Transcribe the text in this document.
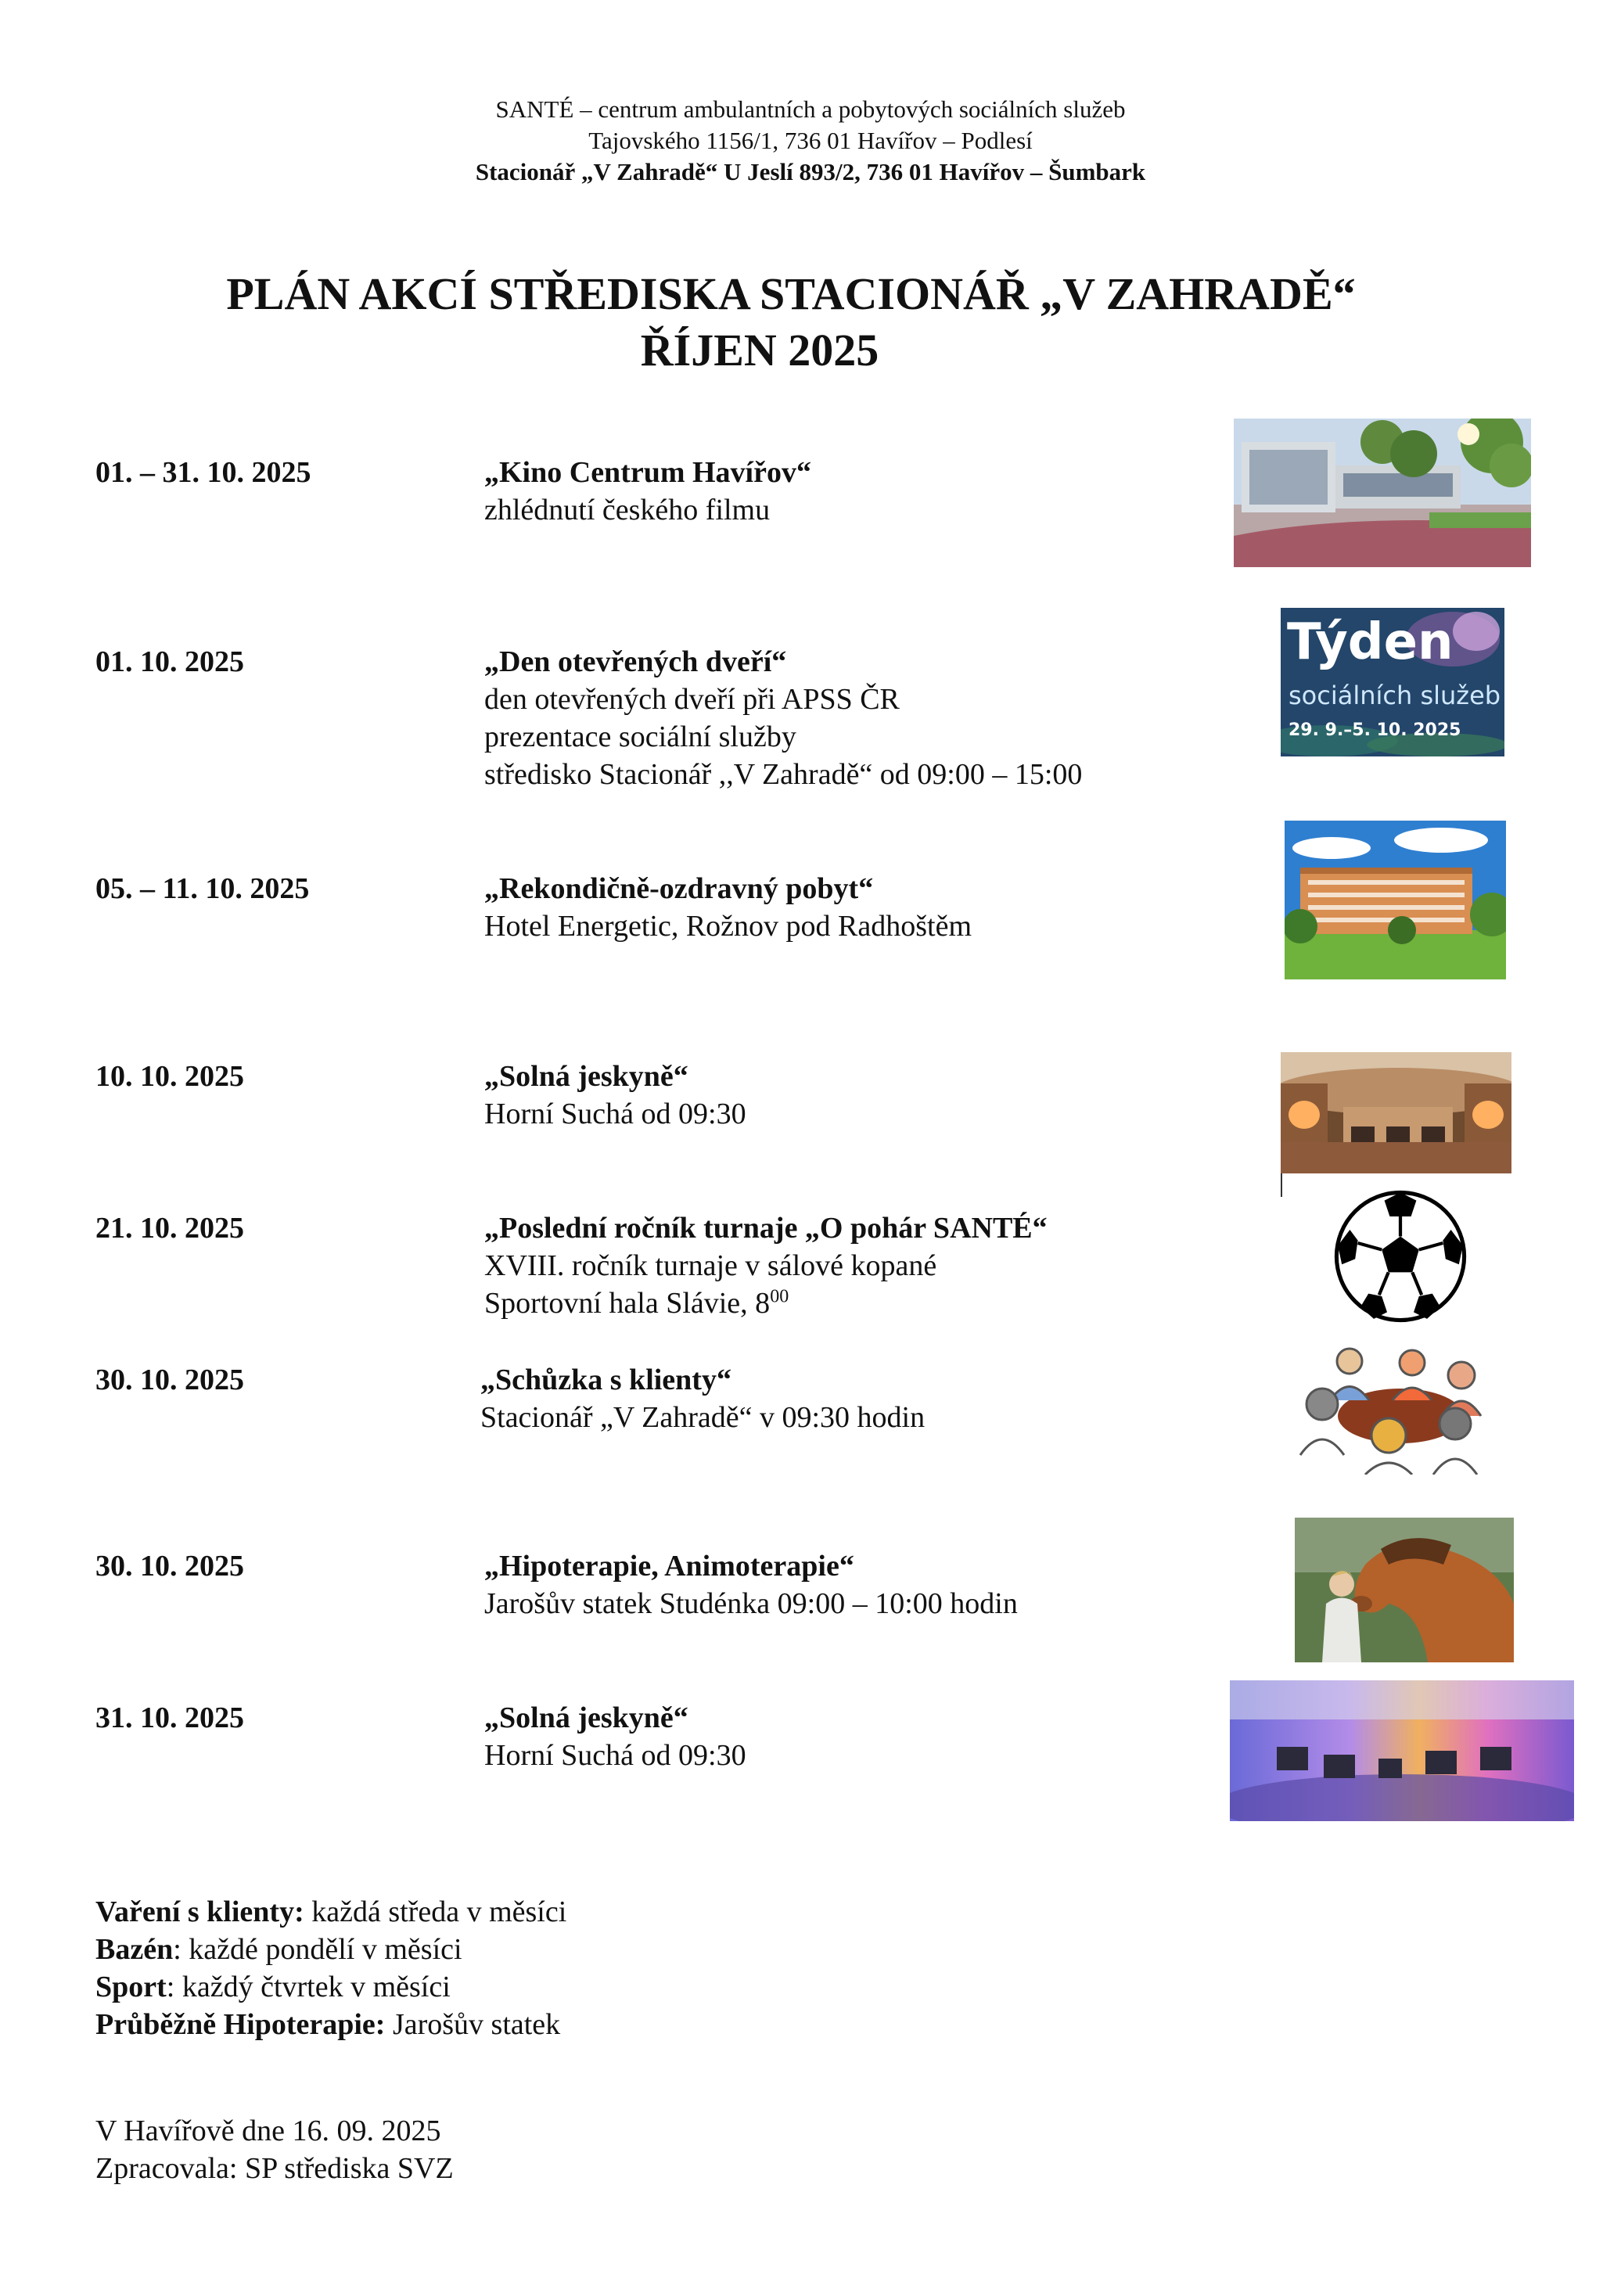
SANTÉ – centrum ambulantních a pobytových sociálních služeb
Tajovského 1156/1, 736 01 Havířov – Podlesí
Stacionář „V Zahradě“ U Jeslí 893/2, 736 01 Havířov – Šumbark
PLÁN AKCÍ STŘEDISKA STACIONÁŘ „V ZAHRADĚ“
ŘÍJEN 2025
01. – 31. 10. 2025	„Kino Centrum Havířov“
zhlédnutí českého filmu
01. 10. 2025	„Den otevřených dveří“
den otevřených dveří při APSS ČR
prezentace sociální služby
středisko Stacionář ,,V Zahradě“ od 09:00 – 15:00
Týden
sociálních služeb
29. 9.–5. 10. 2025
05. – 11. 10. 2025	„Rekondičně-ozdravný pobyt“
Hotel Energetic, Rožnov pod Radhoštěm
10. 10. 2025	„Solná jeskyně“
Horní Suchá od 09:30
21. 10. 2025	„Poslední ročník turnaje „O pohár SANTÉ“
XVIII. ročník turnaje v sálové kopané
Sportovní hala Slávie, $8^{00}$
30. 10. 2025	„Schůzka s klienty“
Stacionář „V Zahradě“ v 09:30 hodin
30. 10. 2025	„Hipoterapie, Animoterapie“
Jarošův statek Studénka 09:00 – 10:00 hodin
31. 10. 2025	„Solná jeskyně“
Horní Suchá od 09:30
Vaření s klienty: každá středa v měsíci
Bazén: každé pondělí v měsíci
Sport: každý čtvrtek v měsíci
Průběžně Hipoterapie: Jarošův statek
V Havířově dne 16. 09. 2025
Zpracovala: SP střediska SVZ
